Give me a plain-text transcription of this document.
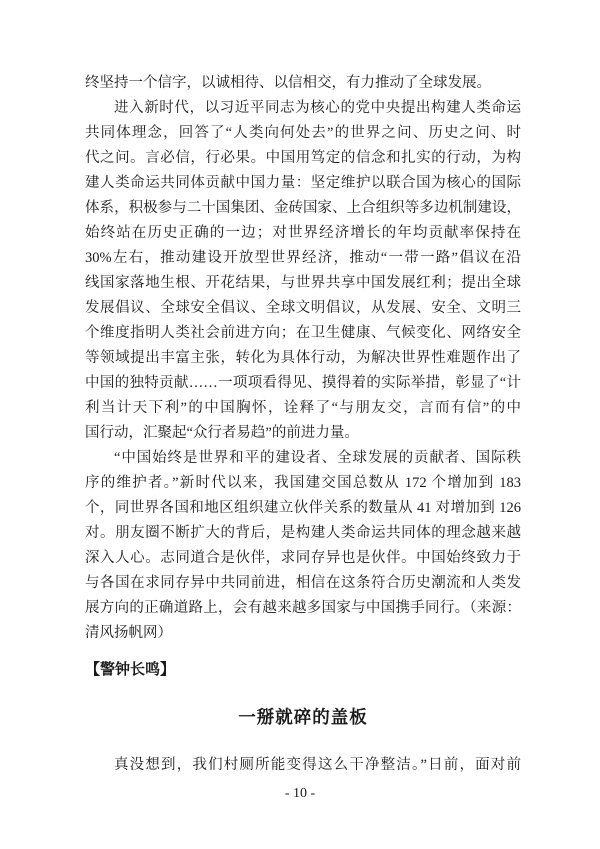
终坚持一个信字，以诚相待、以信相交，有力推动了全球发展。
进入新时代，以习近平同志为核心的党中央提出构建人类命运
共同体理念，回答了“人类向何处去”的世界之问、历史之问、时
代之问。言必信，行必果。中国用笃定的信念和扎实的行动，为构
建人类命运共同体贡献中国力量：坚定维护以联合国为核心的国际
体系，积极参与二十国集团、金砖国家、上合组织等多边机制建设，
始终站在历史正确的一边；对世界经济增长的年均贡献率保持在
30%左右，推动建设开放型世界经济，推动“一带一路”倡议在沿
线国家落地生根、开花结果，与世界共享中国发展红利；提出全球
发展倡议、全球安全倡议、全球文明倡议，从发展、安全、文明三
个维度指明人类社会前进方向；在卫生健康、气候变化、网络安全
等领域提出丰富主张，转化为具体行动，为解决世界性难题作出了
中国的独特贡献……一项项看得见、摸得着的实际举措，彰显了“计
利当计天下利”的中国胸怀，诠释了“与朋友交，言而有信”的中
国行动，汇聚起“众行者易趋”的前进力量。
“中国始终是世界和平的建设者、全球发展的贡献者、国际秩
序的维护者。”新时代以来，我国建交国总数从 172 个增加到 183
个，同世界各国和地区组织建立伙伴关系的数量从 41 对增加到 126
对。朋友圈不断扩大的背后，是构建人类命运共同体的理念越来越
深入人心。志同道合是伙伴，求同存异也是伙伴。中国始终致力于
与各国在求同存异中共同前进，相信在这条符合历史潮流和人类发
展方向的正确道路上，会有越来越多国家与中国携手同行。（来源：
清风扬帆网）
【警钟长鸣】
一掰就碎的盖板
真没想到，我们村厕所能变得这么干净整洁。”日前，面对前
- 10 -
